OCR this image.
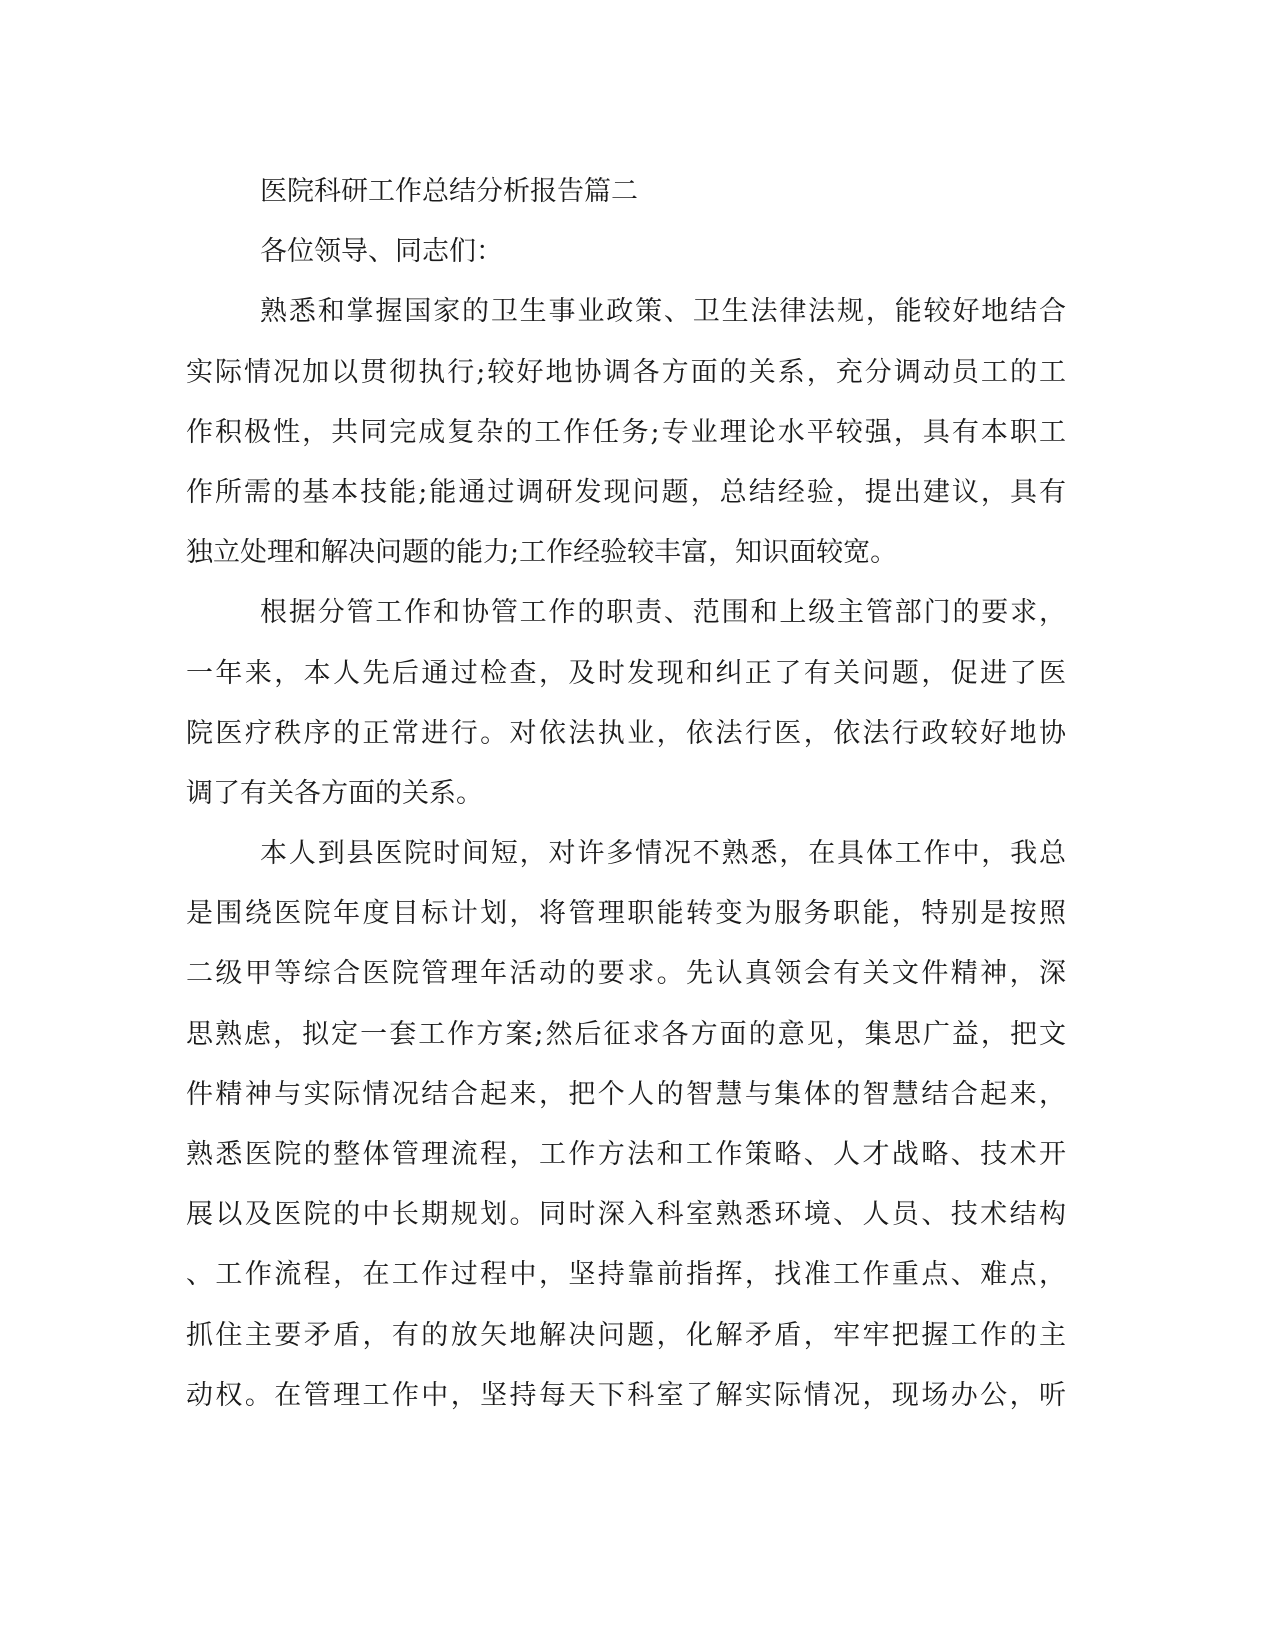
医院科研工作总结分析报告篇二
各位领导、同志们：
熟悉和掌握国家的卫生事业政策、卫生法律法规，能较好地结合
实际情况加以贯彻执行;较好地协调各方面的关系，充分调动员工的工
作积极性，共同完成复杂的工作任务;专业理论水平较强，具有本职工
作所需的基本技能;能通过调研发现问题，总结经验，提出建议，具有
独立处理和解决问题的能力;工作经验较丰富，知识面较宽。
根据分管工作和协管工作的职责、范围和上级主管部门的要求，
一年来，本人先后通过检查，及时发现和纠正了有关问题，促进了医
院医疗秩序的正常进行。对依法执业，依法行医，依法行政较好地协
调了有关各方面的关系。
本人到县医院时间短，对许多情况不熟悉，在具体工作中，我总
是围绕医院年度目标计划，将管理职能转变为服务职能，特别是按照
二级甲等综合医院管理年活动的要求。先认真领会有关文件精神，深
思熟虑，拟定一套工作方案;然后征求各方面的意见，集思广益，把文
件精神与实际情况结合起来，把个人的智慧与集体的智慧结合起来，
熟悉医院的整体管理流程，工作方法和工作策略、人才战略、技术开
展以及医院的中长期规划。同时深入科室熟悉环境、人员、技术结构
、工作流程，在工作过程中，坚持靠前指挥，找准工作重点、难点，
抓住主要矛盾，有的放矢地解决问题，化解矛盾，牢牢把握工作的主
动权。在管理工作中，坚持每天下科室了解实际情况，现场办公，听
